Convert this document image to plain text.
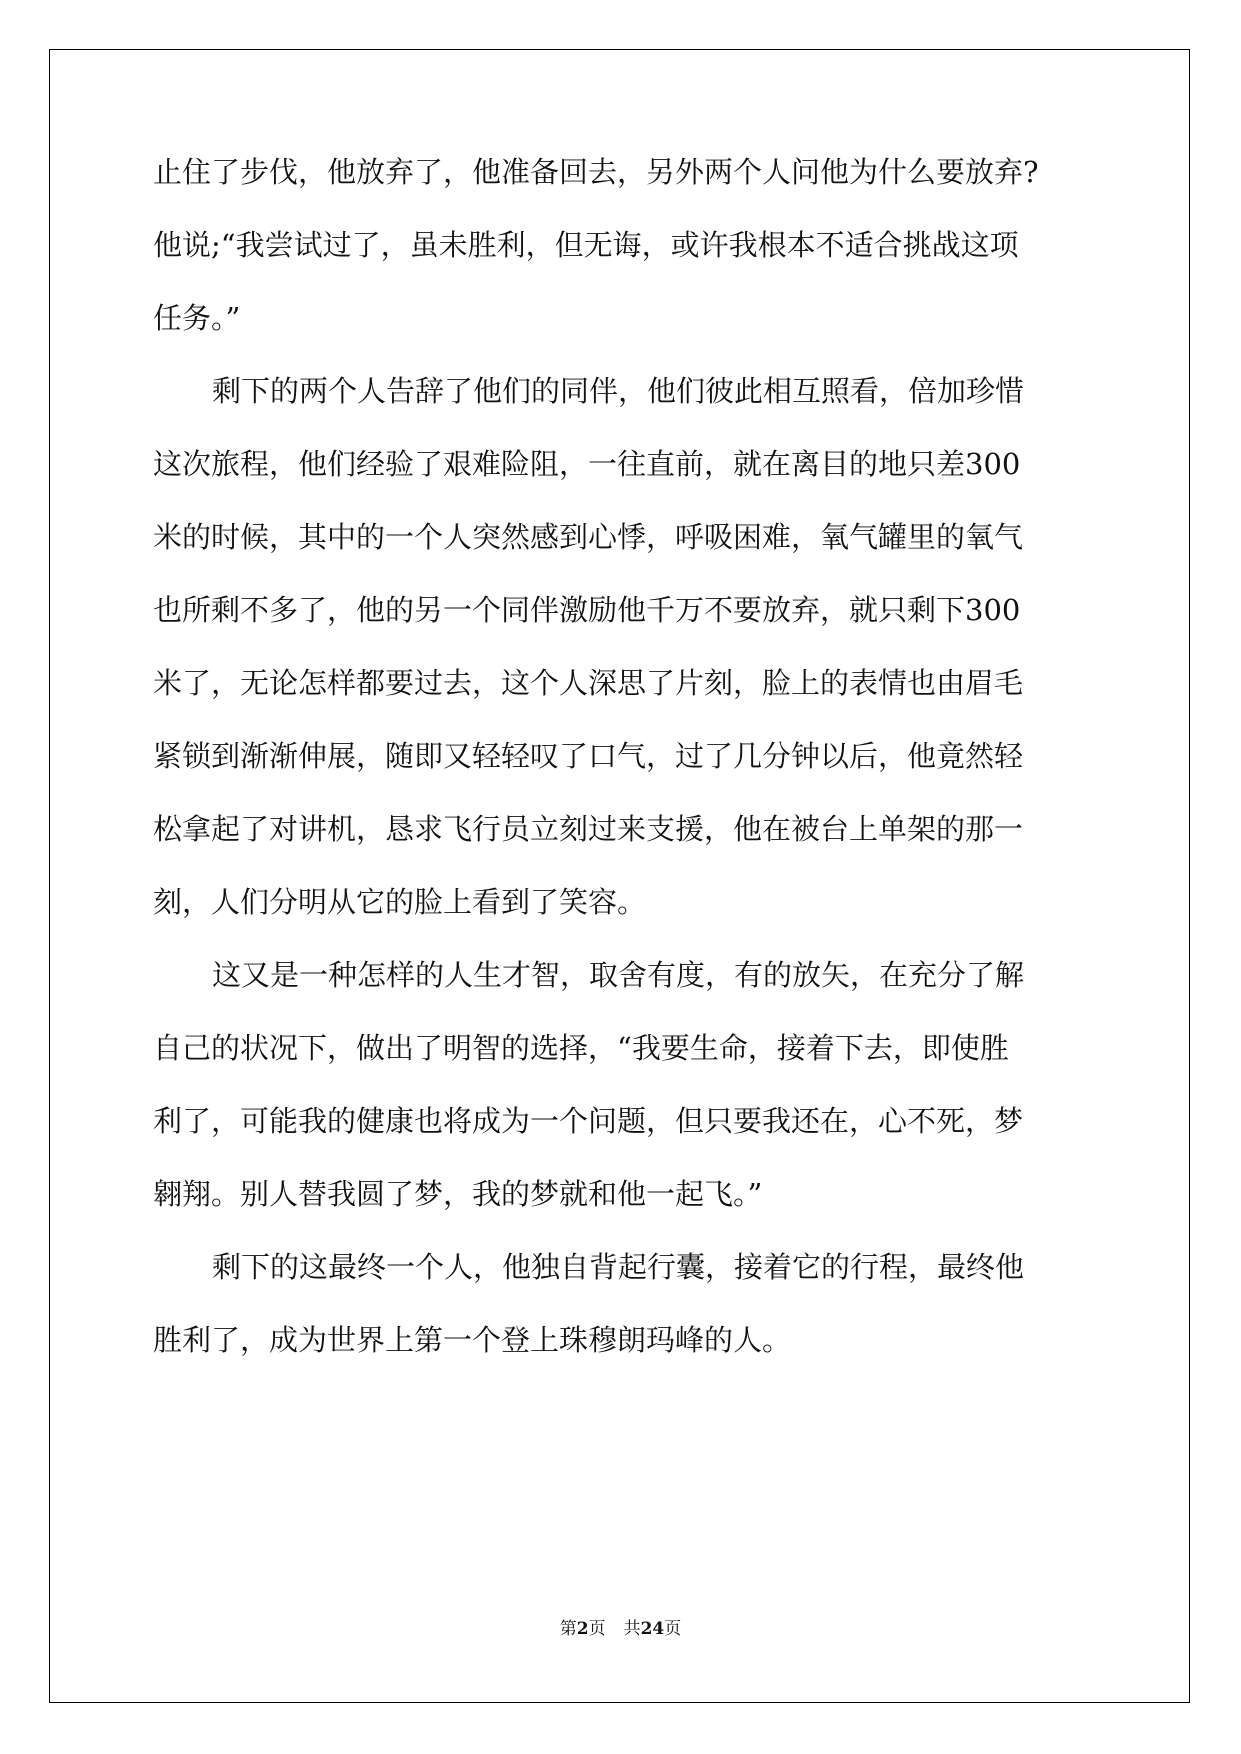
止住了步伐，他放弃了，他准备回去，另外两个人问他为什么要放弃?
他说;“我尝试过了，虽未胜利，但无诲，或许我根本不适合挑战这项
任务。”
剩下的两个人告辞了他们的同伴，他们彼此相互照看，倍加珍惜
这次旅程，他们经验了艰难险阻，一往直前，就在离目的地只差300
米的时候，其中的一个人突然感到心悸，呼吸困难，氧气罐里的氧气
也所剩不多了，他的另一个同伴激励他千万不要放弃，就只剩下300
米了，无论怎样都要过去，这个人深思了片刻，脸上的表情也由眉毛
紧锁到渐渐伸展，随即又轻轻叹了口气，过了几分钟以后，他竟然轻
松拿起了对讲机，恳求飞行员立刻过来支援，他在被台上单架的那一
刻，人们分明从它的脸上看到了笑容。
这又是一种怎样的人生才智，取舍有度，有的放矢，在充分了解
自己的状况下，做出了明智的选择，“我要生命，接着下去，即使胜
利了，可能我的健康也将成为一个问题，但只要我还在，心不死，梦
翱翔。别人替我圆了梦，我的梦就和他一起飞。”
剩下的这最终一个人，他独自背起行囊，接着它的行程，最终他
胜利了，成为世界上第一个登上珠穆朗玛峰的人。
第2页 共24页
